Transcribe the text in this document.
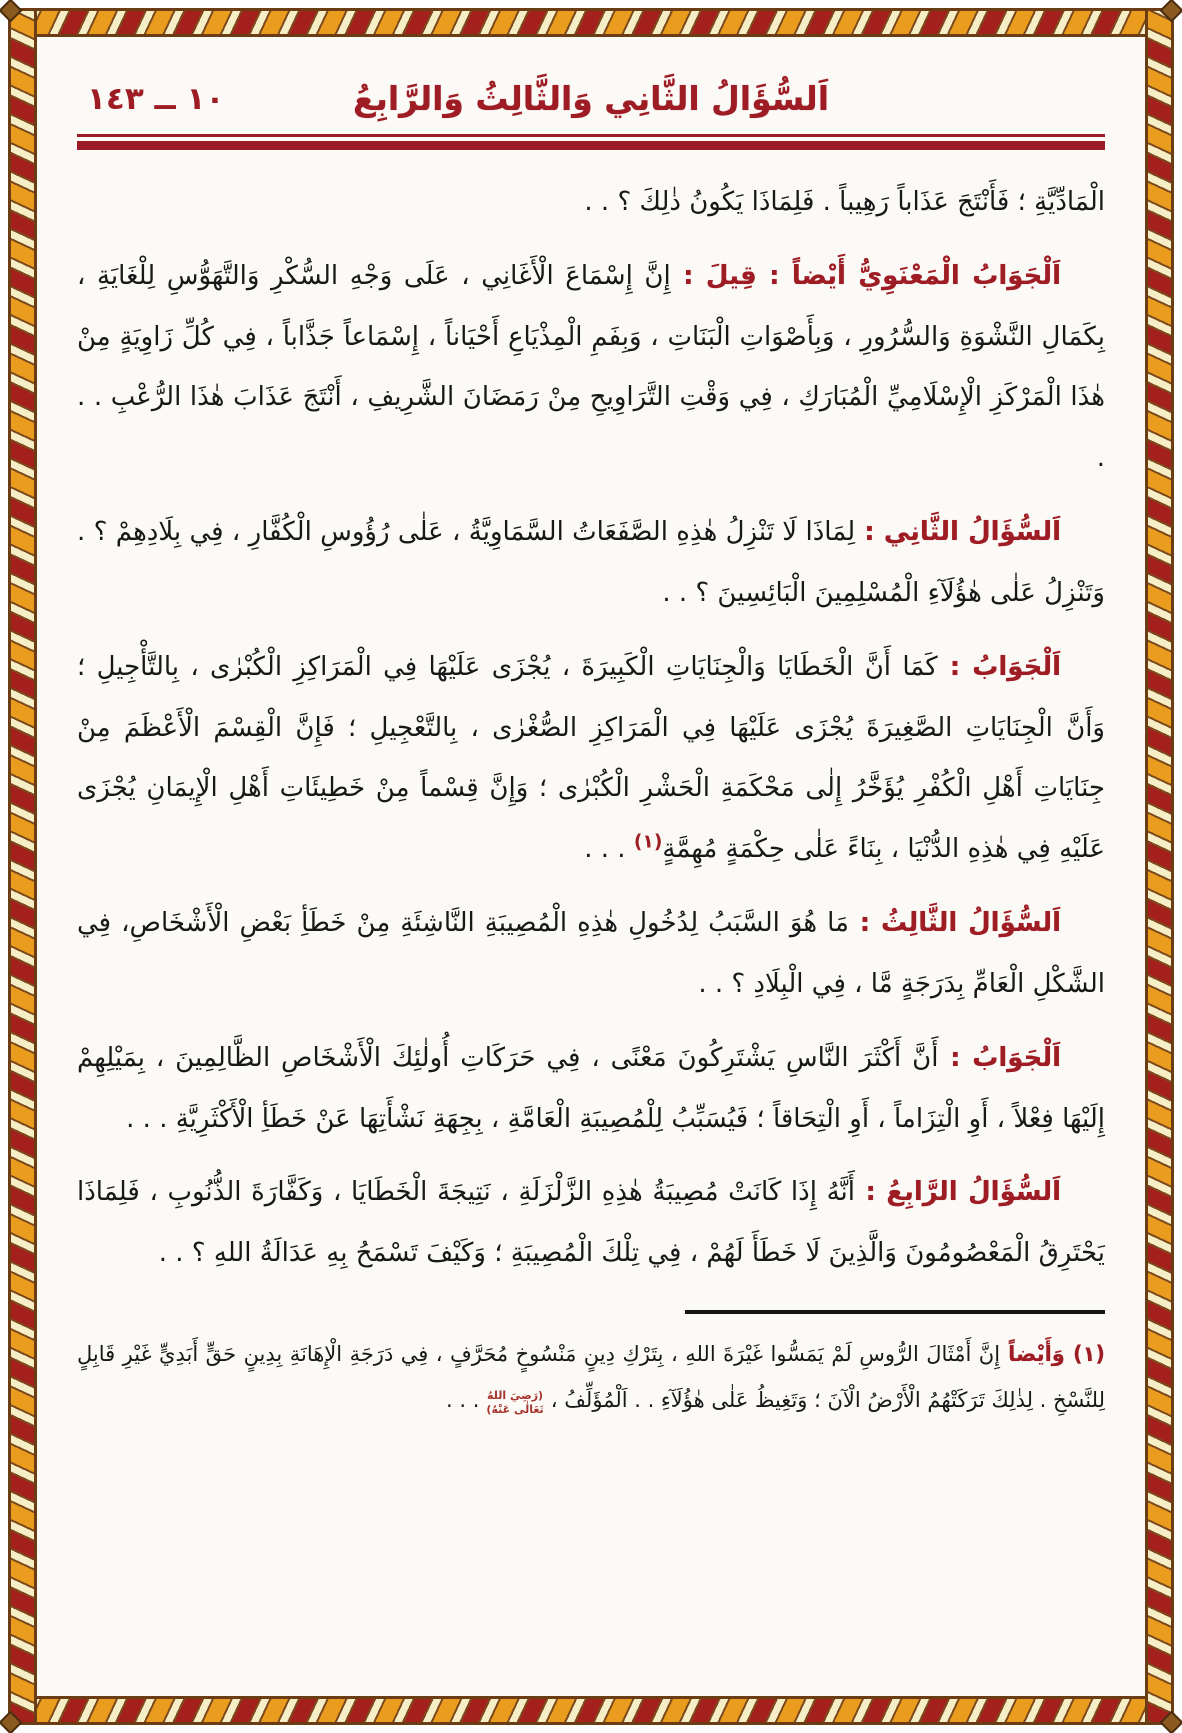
١٠ ــ ١٤٣	اَلسُّؤَالُ الثَّانِي وَالثَّالِثُ وَالرَّابِعُ

الْمَادِّيَّةِ ؛ فَأَنْتَجَ عَذَاباً رَهِيباً . فَلِمَاذَا يَكُونُ ذٰلِكَ ؟ . .

اَلْجَوَابُ الْمَعْنَوِيُّ أَيْضاً : قِيلَ : إِنَّ إِسْمَاعَ الْأَغَانِي ، عَلَى وَجْهِ السُّكْرِ وَالتَّهَوُّسِ لِلْغَايَةِ ، بِكَمَالِ النَّشْوَةِ وَالسُّرُورِ ، وَبِأَصْوَاتِ الْبَنَاتِ ، وَبِفَمِ الْمِذْيَاعِ أَحْيَاناً ، إِسْمَاعاً جَذَّاباً ، فِي كُلِّ زَاوِيَةٍ مِنْ هٰذَا الْمَرْكَزِ الْإِسْلَامِيِّ الْمُبَارَكِ ، فِي وَقْتِ التَّرَاوِيحِ مِنْ رَمَضَانَ الشَّرِيفِ ، أَنْتَجَ عَذَابَ هٰذَا الرُّعْبِ . . .

اَلسُّؤَالُ الثَّانِي : لِمَاذَا لَا تَنْزِلُ هٰذِهِ الصَّفَعَاتُ السَّمَاوِيَّةُ ، عَلٰى رُؤُوسِ الْكُفَّارِ ، فِي بِلَادِهِمْ ؟ . وَتَنْزِلُ عَلٰى هٰؤُلَآءِ الْمُسْلِمِينَ الْبَائِسِينَ ؟ . .

اَلْجَوَابُ : كَمَا أَنَّ الْخَطَايَا وَالْجِنَايَاتِ الْكَبِيرَةَ ، يُجْزَى عَلَيْهَا فِي الْمَرَاكِزِ الْكُبْرٰى ، بِالتَّأْجِيلِ ؛ وَأَنَّ الْجِنَايَاتِ الصَّغِيرَةَ يُجْزَى عَلَيْهَا فِي الْمَرَاكِزِ الصُّغْرٰى ، بِالتَّعْجِيلِ ؛ فَإِنَّ الْقِسْمَ الْأَعْظَمَ مِنْ جِنَايَاتِ أَهْلِ الْكُفْرِ يُؤَخَّرُ إِلٰى مَحْكَمَةِ الْحَشْرِ الْكُبْرٰى ؛ وَإِنَّ قِسْماً مِنْ خَطِيئَاتِ أَهْلِ الْإِيمَانِ يُجْزَى عَلَيْهِ فِي هٰذِهِ الدُّنْيَا ، بِنَاءً عَلٰى حِكْمَةٍ مُهِمَّةٍ$^{(١)}$ . . .

اَلسُّؤَالُ الثَّالِثُ : مَا هُوَ السَّبَبُ لِدُخُولِ هٰذِهِ الْمُصِيبَةِ النَّاشِئَةِ مِنْ خَطَأِ بَعْضِ الْأَشْخَاصِ، فِي الشَّكْلِ الْعَامِّ بِدَرَجَةٍ مَّا ، فِي الْبِلَادِ ؟ . .

اَلْجَوَابُ : أَنَّ أَكْثَرَ النَّاسِ يَشْتَرِكُونَ مَعْنًى ، فِي حَرَكَاتِ أُولٰئِكَ الْأَشْخَاصِ الظَّالِمِينَ ، بِمَيْلِهِمْ إِلَيْهَا فِعْلاً ، أَوِ الْتِزَاماً ، أَوِ الْتِحَاقاً ؛ فَيُسَبِّبُ لِلْمُصِيبَةِ الْعَامَّةِ ، بِجِهَةِ نَشْأَتِهَا عَنْ خَطَأِ الْأَكْثَرِيَّةِ . . .

اَلسُّؤَالُ الرَّابِعُ : أَنَّهُ إِذَا كَانَتْ مُصِيبَةُ هٰذِهِ الزَّلْزَلَةِ ، نَتِيجَةَ الْخَطَايَا ، وَكَفَّارَةَ الذُّنُوبِ ، فَلِمَاذَا يَحْتَرِقُ الْمَعْصُومُونَ وَالَّذِينَ لَا خَطَأَ لَهُمْ ، فِي تِلْكَ الْمُصِيبَةِ ؛ وَكَيْفَ تَسْمَحُ بِهِ عَدَالَةُ اللهِ ؟ . .

(١) وَأَيْضاً إِنَّ أَمْثَالَ الرُّوسِ لَمْ يَمَسُّوا غَيْرَةَ اللهِ ، بِتَرْكِ دِينٍ مَنْسُوخٍ مُحَرَّفٍ ، فِي دَرَجَةِ الْإِهَانَةِ بِدِينٍ حَقٍّ أَبَدِيٍّ غَيْرِ قَابِلٍ لِلنَّسْخِ . لِذٰلِكَ تَرَكَتْهُمُ الْأَرْضُ الْآنَ ؛ وَتَغِيظُ عَلٰى هٰؤُلَآءِ . . اَلْمُؤَلِّفُ ، (رَضِيَ اللهُ تَعَالٰى عَنْهُ) . . .
